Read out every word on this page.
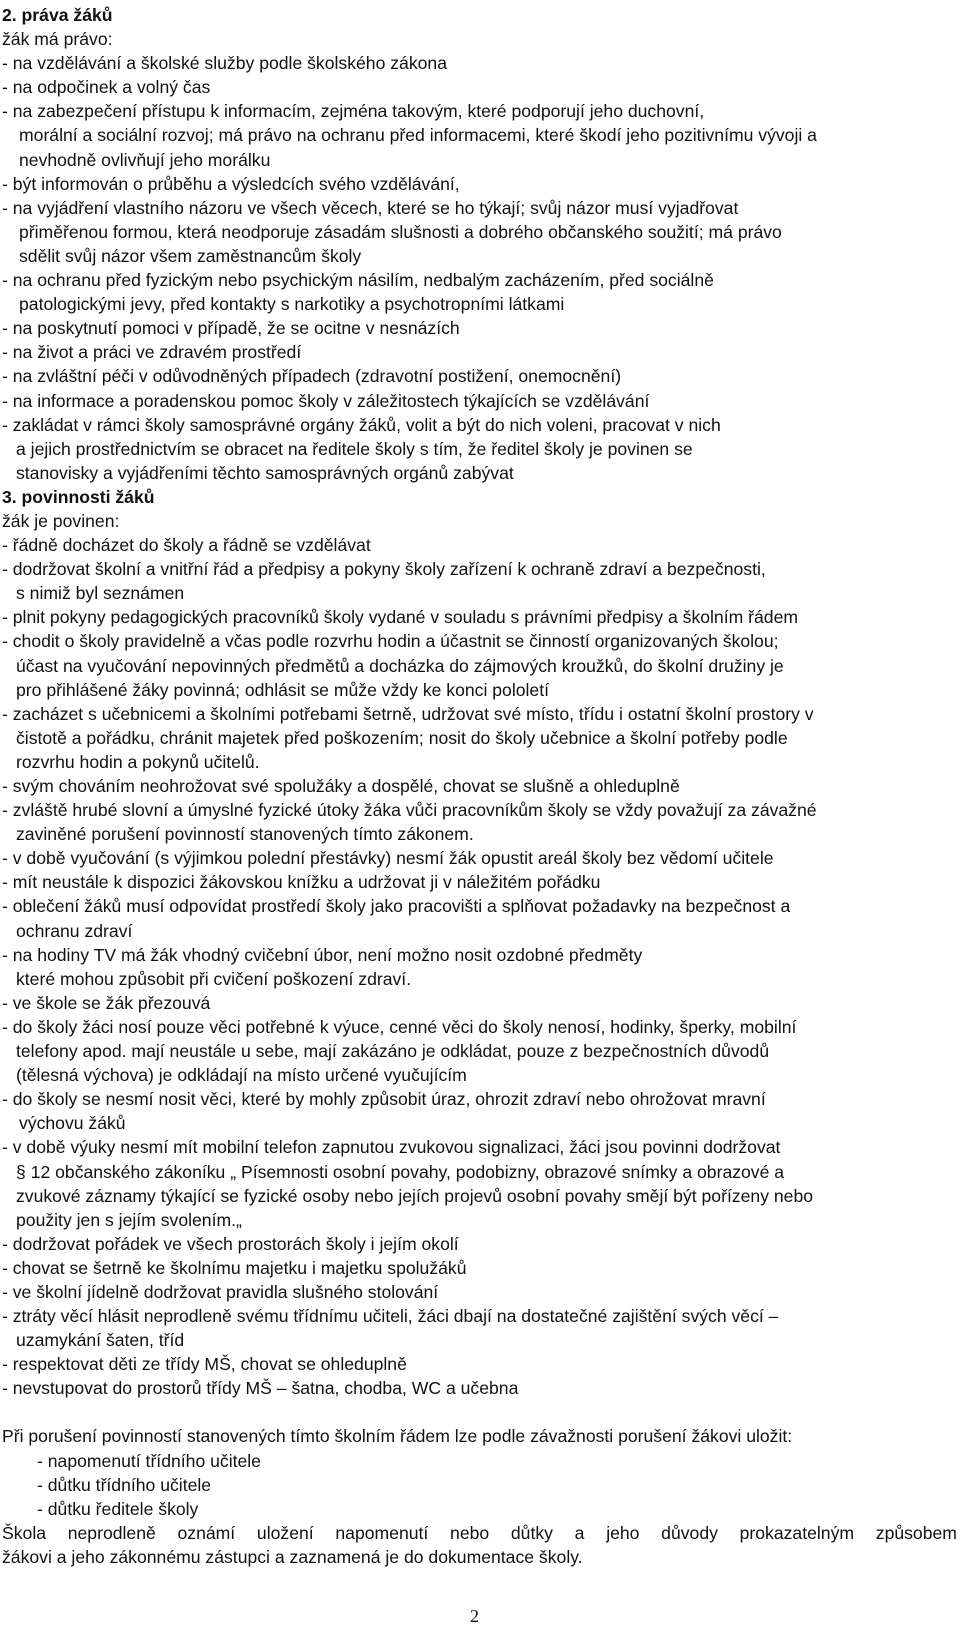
2. práva žáků
žák má právo:
- na vzdělávání a školské služby podle školského zákona
- na odpočinek a volný čas
- na zabezpečení přístupu k informacím, zejména takovým, které podporují jeho duchovní,
morální a sociální rozvoj; má právo na ochranu před informacemi, které škodí jeho pozitivnímu vývoji a
nevhodně ovlivňují jeho morálku
- být informován o průběhu a výsledcích svého vzdělávání,
- na vyjádření vlastního názoru ve všech věcech, které se ho týkají; svůj názor musí vyjadřovat
přiměřenou formou, která neodporuje zásadám slušnosti a dobrého občanského soužití; má právo
sdělit svůj názor všem zaměstnancům školy
- na ochranu před fyzickým nebo psychickým násilím, nedbalým zacházením, před sociálně
patologickými jevy, před kontakty s narkotiky a psychotropními látkami
- na poskytnutí pomoci v případě, že se ocitne v nesnázích
- na život a práci ve zdravém prostředí
- na zvláštní péči v odůvodněných případech (zdravotní postižení, onemocnění)
- na informace a poradenskou pomoc školy v záležitostech týkajících se vzdělávání
- zakládat v rámci školy samosprávné orgány žáků, volit a být do nich voleni, pracovat v nich
a jejich prostřednictvím se obracet na ředitele školy s tím, že ředitel školy je povinen se
stanovisky a vyjádřeními těchto samosprávných orgánů zabývat
3. povinnosti žáků
žák je povinen:
- řádně docházet do školy a řádně se vzdělávat
- dodržovat školní a vnitřní řád a předpisy a pokyny školy zařízení k ochraně zdraví a bezpečnosti,
s nimiž byl seznámen
- plnit pokyny pedagogických pracovníků školy vydané v souladu s právními předpisy a školním řádem
- chodit o školy pravidelně a včas podle rozvrhu hodin a účastnit se činností organizovaných školou;
účast na vyučování nepovinných předmětů a docházka do zájmových kroužků, do školní družiny je
pro přihlášené žáky povinná; odhlásit se může vždy ke konci pololetí
- zacházet s učebnicemi a školními potřebami šetrně, udržovat své místo, třídu i ostatní školní prostory v
čistotě a pořádku, chránit majetek před poškozením; nosit do školy učebnice a školní potřeby podle
rozvrhu hodin a pokynů učitelů.
- svým chováním neohrožovat své spolužáky a dospělé, chovat se slušně a ohleduplně
- zvláště hrubé slovní a úmyslné fyzické útoky žáka vůči pracovníkům školy se vždy považují za závažné
zaviněné porušení povinností stanovených tímto zákonem.
- v době vyučování (s výjimkou polední přestávky) nesmí žák opustit areál školy bez vědomí učitele
- mít neustále k dispozici žákovskou knížku a udržovat ji v náležitém pořádku
- oblečení žáků musí odpovídat prostředí školy jako pracovišti a splňovat požadavky na bezpečnost a
ochranu zdraví
- na hodiny TV má žák vhodný cvičební úbor, není možno nosit ozdobné předměty
které mohou způsobit při cvičení poškození zdraví.
- ve škole se žák přezouvá
- do školy žáci nosí pouze věci potřebné k výuce, cenné věci do školy nenosí, hodinky, šperky, mobilní
telefony apod. mají neustále u sebe, mají zakázáno je odkládat, pouze z bezpečnostních důvodů
(tělesná výchova) je odkládají na místo určené vyučujícím
- do školy se nesmí nosit věci, které by mohly způsobit úraz, ohrozit zdraví nebo ohrožovat mravní
výchovu žáků
- v době výuky nesmí mít mobilní telefon zapnutou zvukovou signalizaci, žáci jsou povinni dodržovat
§ 12 občanského zákoníku „ Písemnosti osobní povahy, podobizny, obrazové snímky a obrazové a
zvukové záznamy týkající se fyzické osoby nebo jejích projevů osobní povahy smějí být pořízeny nebo
použity jen s jejím svolením.„
- dodržovat pořádek ve všech prostorách školy i jejím okolí
- chovat se šetrně ke školnímu majetku i majetku spolužáků
- ve školní jídelně dodržovat pravidla slušného stolování
- ztráty věcí hlásit neprodleně svému třídnímu učiteli, žáci dbají na dostatečné zajištění svých věcí –
uzamykání šaten, tříd
- respektovat děti ze třídy MŠ, chovat se ohleduplně
- nevstupovat do prostorů třídy MŠ – šatna, chodba, WC a učebna
Při porušení povinností stanovených tímto školním řádem lze podle závažnosti porušení žákovi uložit:
- napomenutí třídního učitele
- důtku třídního učitele
- důtku ředitele školy
Škola neprodleně oznámí uložení napomenutí nebo důtky a jeho důvody prokazatelným způsobem
žákovi a jeho zákonnému zástupci a zaznamená je do dokumentace školy.
2
